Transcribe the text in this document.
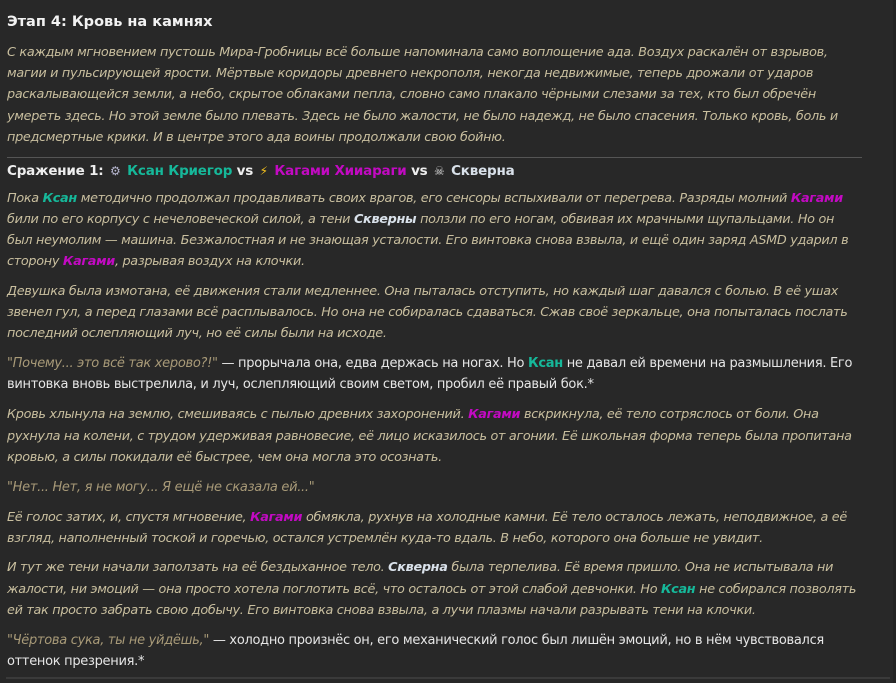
Этап 4: Кровь на камнях

С каждым мгновением пустошь Мира-Гробницы всё больше напоминала само воплощение ада. Воздух раскалён от взрывов, магии и пульсирующей ярости. Мёртвые коридоры древнего некрополя, некогда недвижимые, теперь дрожали от ударов раскалывающейся земли, а небо, скрытое облаками пепла, словно само плакало чёрными слезами за тех, кто был обречён умереть здесь. Но этой земле было плевать. Здесь не было жалости, не было надежд, не было спасения. Только кровь, боль и предсмертные крики. И в центре этого ада воины продолжали свою бойню.

Сражение 1: ⚙ Ксан Криегор vs ⚡ Кагами Хииараги vs ☠ Скверна

Пока Ксан методично продолжал продавливать своих врагов, его сенсоры вспыхивали от перегрева. Разряды молний Кагами били по его корпусу с нечеловеческой силой, а тени Скверны ползли по его ногам, обвивая их мрачными щупальцами. Но он был неумолим — машина. Безжалостная и не знающая усталости. Его винтовка снова взвыла, и ещё один заряд ASMD ударил в сторону Кагами, разрывая воздух на клочки.

Девушка была измотана, её движения стали медленнее. Она пыталась отступить, но каждый шаг давался с болью. В её ушах звенел гул, а перед глазами всё расплывалось. Но она не собиралась сдаваться. Сжав своё зеркальце, она попыталась послать последний ослепляющий луч, но её силы были на исходе.

"Почему... это всё так херово?!" — прорычала она, едва держась на ногах. Но Ксан не давал ей времени на размышления. Его винтовка вновь выстрелила, и луч, ослепляющий своим светом, пробил её правый бок.*

Кровь хлынула на землю, смешиваясь с пылью древних захоронений. Кагами вскрикнула, её тело сотряслось от боли. Она рухнула на колени, с трудом удерживая равновесие, её лицо исказилось от агонии. Её школьная форма теперь была пропитана кровью, а силы покидали её быстрее, чем она могла это осознать.

"Нет... Нет, я не могу... Я ещё не сказала ей..."

Её голос затих, и, спустя мгновение, Кагами обмякла, рухнув на холодные камни. Её тело осталось лежать, неподвижное, а её взгляд, наполненный тоской и горечью, остался устремлён куда-то вдаль. В небо, которого она больше не увидит.

И тут же тени начали заползать на её бездыханное тело. Скверна была терпелива. Её время пришло. Она не испытывала ни жалости, ни эмоций — она просто хотела поглотить всё, что осталось от этой слабой девчонки. Но Ксан не собирался позволять ей так просто забрать свою добычу. Его винтовка снова взвыла, а лучи плазмы начали разрывать тени на клочки.

"Чёртова сука, ты не уйдёшь," — холодно произнёс он, его механический голос был лишён эмоций, но в нём чувствовался оттенок презрения.*
